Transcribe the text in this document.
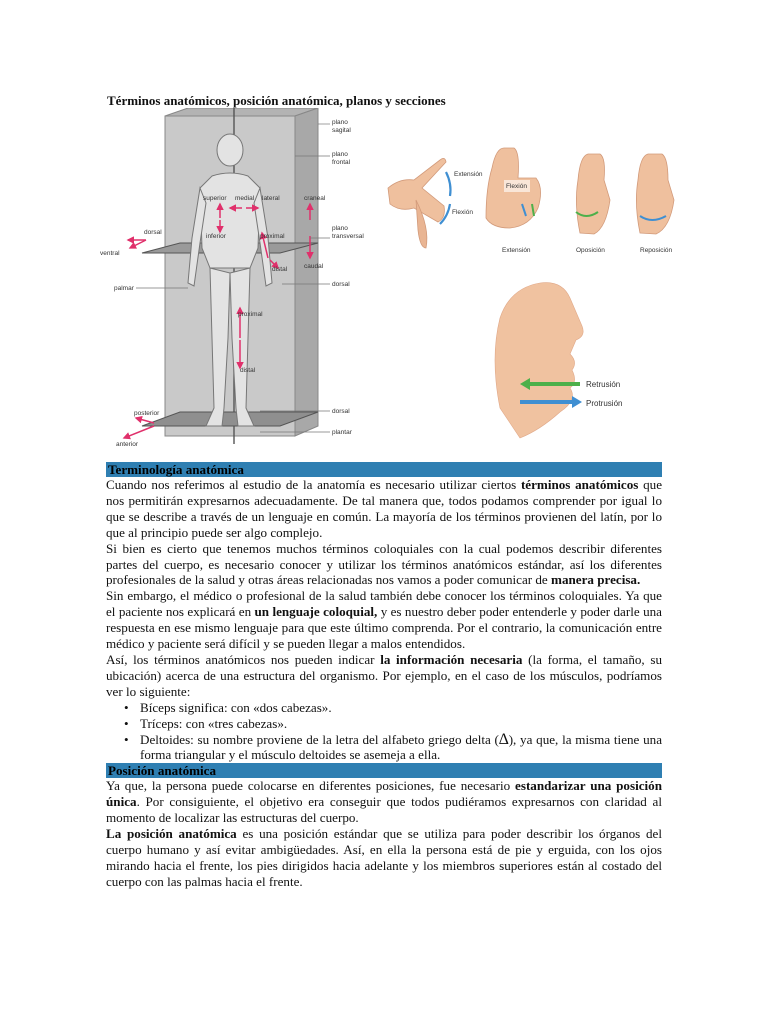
Términos anatómicos, posición anatómica, planos y secciones
plano
sagital
plano
frontal
craneal
plano
transversal
caudal
dorsal
dorsal
plantar
dorsal
ventral
palmar
posterior
anterior
superior medial lateral
inferior	proximal
distal
proximal
distal
Extensión
Flexión
Flexión
Extensión	Oposición	Reposición
Retrusión
Protrusión
Terminología anatómica

Cuando nos referimos al estudio de la anatomía es necesario utilizar ciertos términos anatómicos que nos permitirán expresarnos adecuadamente. De tal manera que, todos podamos comprender por igual lo que se describe a través de un lenguaje en común. La mayoría de los términos provienen del latín, por lo que al principio puede ser algo complejo.

Si bien es cierto que tenemos muchos términos coloquiales con la cual podemos describir diferentes partes del cuerpo, es necesario conocer y utilizar los términos anatómicos estándar, así los diferentes profesionales de la salud y otras áreas relacionadas nos vamos a poder comunicar de manera precisa.

Sin embargo, el médico o profesional de la salud también debe conocer los términos coloquiales. Ya que el paciente nos explicará en un lenguaje coloquial, y es nuestro deber poder entenderle y poder darle una respuesta en ese mismo lenguaje para que este último comprenda. Por el contrario, la comunicación entre médico y paciente será difícil y se pueden llegar a malos entendidos.

Así, los términos anatómicos nos pueden indicar la información necesaria (la forma, el tamaño, su ubicación) acerca de una estructura del organismo. Por ejemplo, en el caso de los músculos, podríamos ver lo siguiente:

• Bíceps significa: con «dos cabezas».
• Tríceps: con «tres cabezas».
• Deltoides: su nombre proviene de la letra del alfabeto griego delta (∆), ya que, la misma tiene una forma triangular y el músculo deltoides se asemeja a ella.
Posición anatómica

Ya que, la persona puede colocarse en diferentes posiciones, fue necesario estandarizar una posición única. Por consiguiente, el objetivo era conseguir que todos pudiéramos expresarnos con claridad al momento de localizar las estructuras del cuerpo.

La posición anatómica es una posición estándar que se utiliza para poder describir los órganos del cuerpo humano y así evitar ambigüedades. Así, en ella la persona está de pie y erguida, con los ojos mirando hacia el frente, los pies dirigidos hacia adelante y los miembros superiores están al costado del cuerpo con las palmas hacia el frente.
